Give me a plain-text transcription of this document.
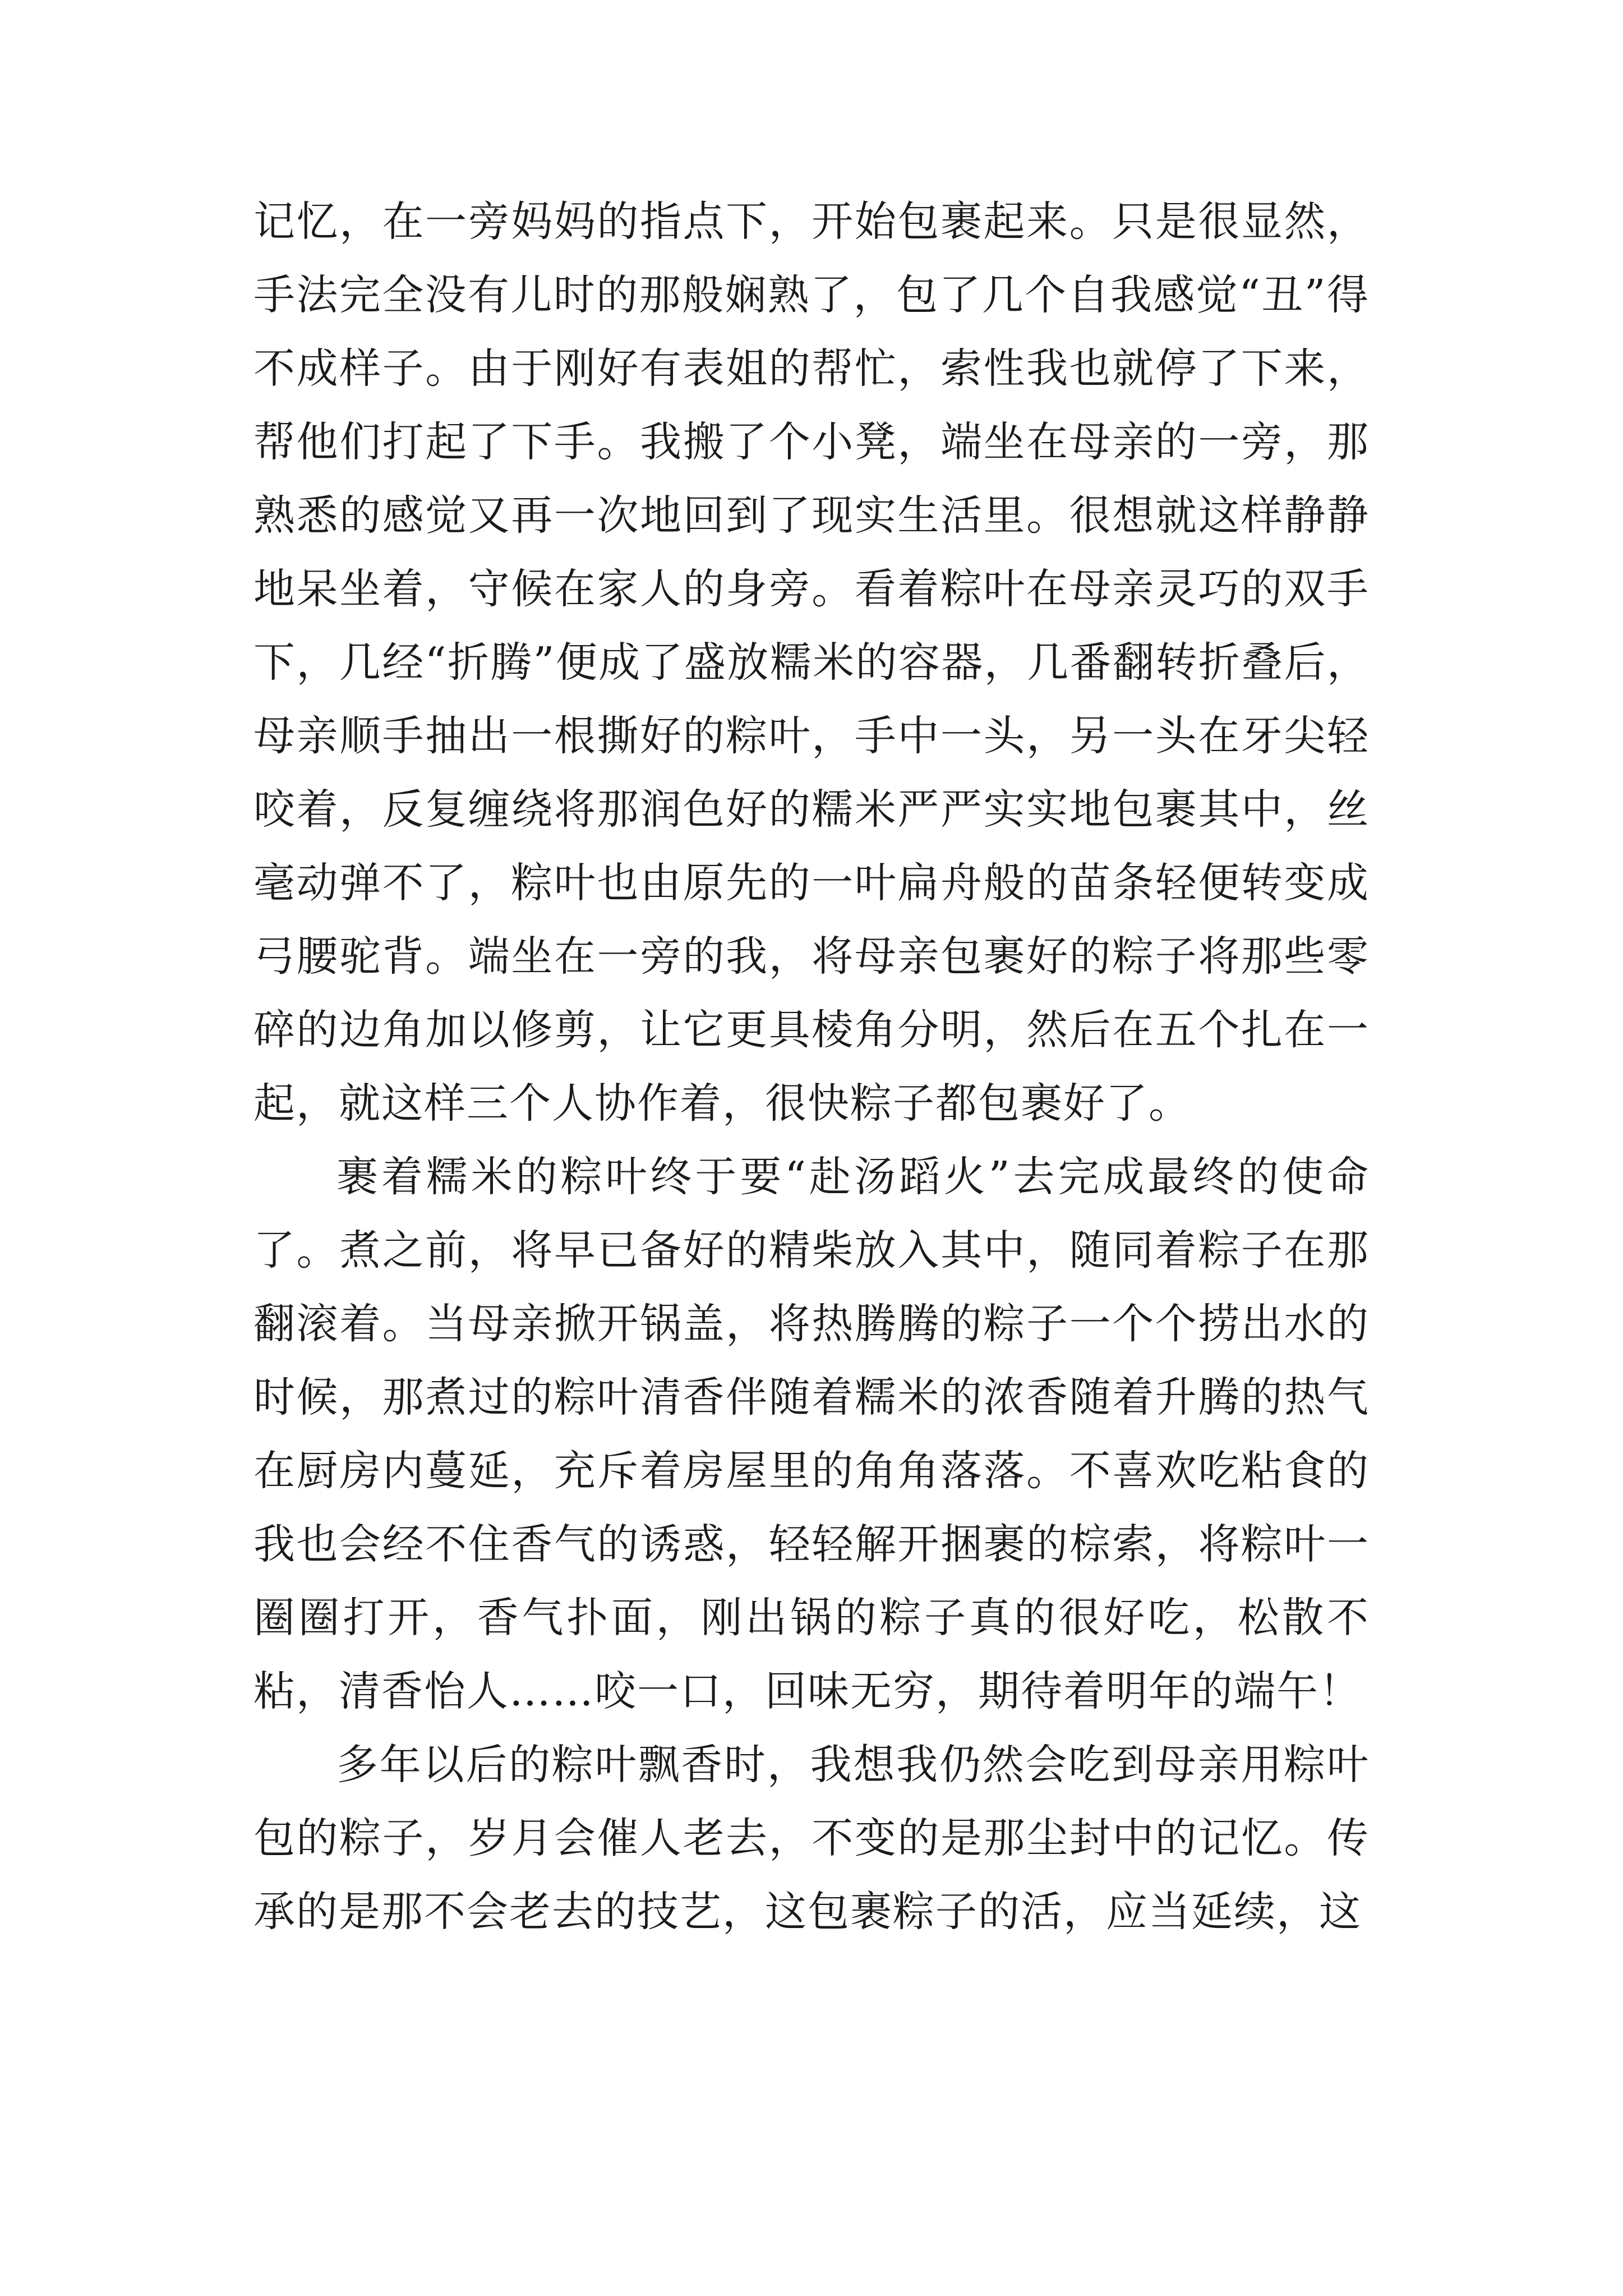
记忆，在一旁妈妈的指点下，开始包裹起来。只是很显然，手法完全没有儿时的那般娴熟了，包了几个自我感觉“丑”得不成样子。由于刚好有表姐的帮忙，索性我也就停了下来，帮他们打起了下手。我搬了个小凳，端坐在母亲的一旁，那熟悉的感觉又再一次地回到了现实生活里。很想就这样静静地呆坐着，守候在家人的身旁。看着粽叶在母亲灵巧的双手下，几经“折腾”便成了盛放糯米的容器，几番翻转折叠后，母亲顺手抽出一根撕好的粽叶，手中一头，另一头在牙尖轻咬着，反复缠绕将那润色好的糯米严严实实地包裹其中，丝毫动弹不了，粽叶也由原先的一叶扁舟般的苗条轻便转变成弓腰驼背。端坐在一旁的我，将母亲包裹好的粽子将那些零碎的边角加以修剪，让它更具棱角分明，然后在五个扎在一起，就这样三个人协作着，很快粽子都包裹好了。

裹着糯米的粽叶终于要“赴汤蹈火”去完成最终的使命了。煮之前，将早已备好的精柴放入其中，随同着粽子在那翻滚着。当母亲掀开锅盖，将热腾腾的粽子一个个捞出水的时候，那煮过的粽叶清香伴随着糯米的浓香随着升腾的热气在厨房内蔓延，充斥着房屋里的角角落落。不喜欢吃粘食的我也会经不住香气的诱惑，轻轻解开捆裹的棕索，将粽叶一圈圈打开，香气扑面，刚出锅的粽子真的很好吃，松散不粘，清香怡人……咬一口，回味无穷，期待着明年的端午！

多年以后的粽叶飘香时，我想我仍然会吃到母亲用粽叶包的粽子，岁月会催人老去，不变的是那尘封中的记忆。传承的是那不会老去的技艺，这包裹粽子的活，应当延续，这
